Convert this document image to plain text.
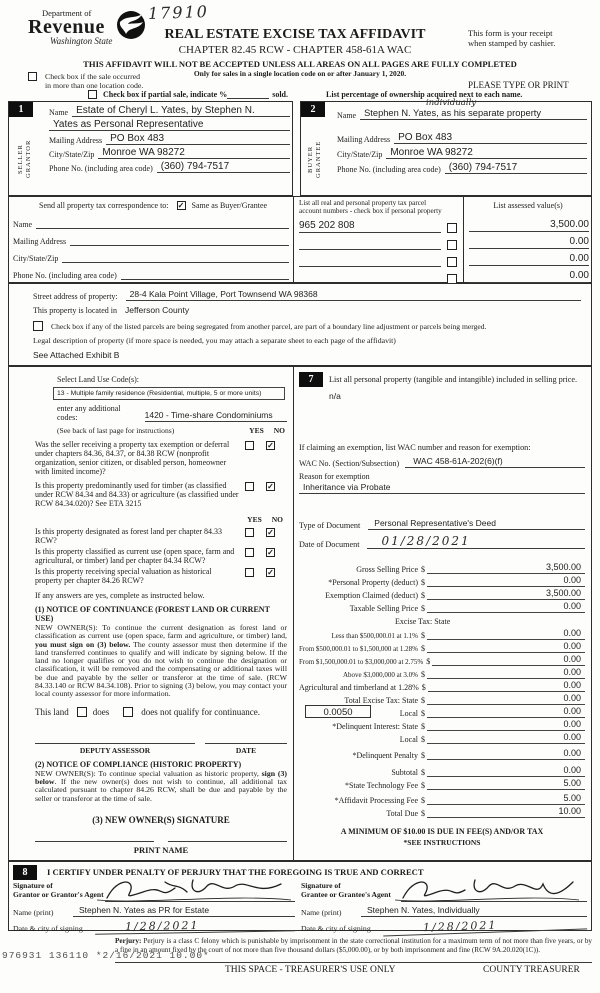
Department of
Revenue
Washington State
17910
REAL ESTATE EXCISE TAX AFFIDAVIT
CHAPTER 82.45 RCW - CHAPTER 458-61A WAC
This form is your receipt
when stamped by cashier.
THIS AFFIDAVIT WILL NOT BE ACCEPTED UNLESS ALL AREAS ON ALL PAGES ARE FULLY COMPLETED
Only for sales in a single location code on or after January 1, 2020.
Check box if the sale occurred
in more than one location code.	PLEASE TYPE OR PRINT
Check box if partial sale, indicate %	sold.	List percentage of ownership acquired next to each name.
1
SELLER GRANTOR
Name Estate of Cheryl L. Yates, by Stephen N.
Yates as Personal Representative
Mailing Address PO Box 483
City/State/Zip Monroe WA 98272
Phone No. (including area code) (360) 794-7517
2
BUYER GRANTEE
individually
Name Stephen N. Yates, as his separate property
Mailing Address PO Box 483
City/State/Zip Monroe WA 98272
Phone No. (including area code) (360) 794-7517
Send all property tax correspondence to: ✓ Same as Buyer/Grantee
Name
Mailing Address
City/State/Zip
Phone No. (including area code)
List all real and personal property tax parcel
account numbers - check box if personal property
965 202 808
List assessed value(s)
3,500.00
0.00
0.00
0.00
Street address of property:	28-4 Kala Point Village, Port Townsend WA 98368
This property is located in Jefferson County
Check box if any of the listed parcels are being segregated from another parcel, are part of a boundary line adjustment or parcels being merged.
Legal description of property (if more space is needed, you may attach a separate sheet to each page of the affidavit)
See Attached Exhibit B
Select Land Use Code(s):
13 - Multiple family residence (Residential, multiple, 5 or more units)
enter any additional codes:	1420 - Time-share Condominiums
(See back of last page for instructions)	YES NO
Was the seller receiving a property tax exemption or deferral under chapters 84.36, 84.37, or 84.38 RCW (nonprofit organization, senior citizen, or disabled person, homeowner with limited income)?
✓
Is this property predominantly used for timber (as classified under RCW 84.34 and 84.33) or agriculture (as classified under RCW 84.34.020)? See ETA 3215
✓
YES NO
Is this property designated as forest land per chapter 84.33 RCW?
✓
Is this property classified as current use (open space, farm and agricultural, or timber) land per chapter 84.34 RCW?
✓
Is this property receiving special valuation as historical property per chapter 84.26 RCW?
✓
If any answers are yes, complete as instructed below.
(1) NOTICE OF CONTINUANCE (FOREST LAND OR CURRENT USE)

NEW OWNER(S): To continue the current designation as forest land or classification as current use (open space, farm and agriculture, or timber) land, you must sign on (3) below. The county assessor must then determine if the land transferred continues to qualify and will indicate by signing below. If the land no longer qualifies or you do not wish to continue the designation or classification, it will be removed and the compensating or additional taxes will be due and payable by the seller or transferor at the time of sale. (RCW 84.33.140 or RCW 84.34.108). Prior to signing (3) below, you may contact your local county assessor for more information.

This land	does	does not qualify for continuance.
DEPUTY ASSESSOR	DATE
(2) NOTICE OF COMPLIANCE (HISTORIC PROPERTY)

NEW OWNER(S): To continue special valuation as historic property, sign (3) below. If the new owner(s) does not wish to continue, all additional tax calculated pursuant to chapter 84.26 RCW, shall be due and payable by the seller or transferor at the time of sale.

(3) NEW OWNER(S) SIGNATURE
PRINT NAME
7	List all personal property (tangible and intangible) included in selling price.
n/a
If claiming an exemption, list WAC number and reason for exemption:
WAC No. (Section/Subsection)	WAC 458-61A-202(6)(f)
Reason for exemption
Inheritance via Probate
Type of Document	Personal Representative's Deed
Date of Document	01/28/2021
Gross Selling Price $	3,500.00
*Personal Property (deduct) $	0.00
Exemption Claimed (deduct) $	3,500.00
Taxable Selling Price $	0.00
Excise Tax: State
Less than $500,000.01 at 1.1% $	0.00
From $500,000.01 to $1,500,000 at 1.28% $	0.00
From $1,500,000.01 to $3,000,000 at 2.75% $	0.00
Above $3,000,000 at 3.0% $	0.00
Agricultural and timberland at 1.28% $	0.00
Total Excise Tax: State $	0.00
0.0050	Local $	0.00
*Delinquent Interest: State $	0.00
Local $	0.00
*Delinquent Penalty $	0.00
Subtotal $	0.00
*State Technology Fee $	5.00
*Affidavit Processing Fee $	5.00
Total Due $	10.00
A MINIMUM OF $10.00 IS DUE IN FEE(S) AND/OR TAX
*SEE INSTRUCTIONS
8	I CERTIFY UNDER PENALTY OF PERJURY THAT THE FOREGOING IS TRUE AND CORRECT
Signature of
Grantor or Grantor's Agent
Name (print)	Stephen N. Yates as PR for Estate
Date & city of signing	1/28/2021
Signature of
Grantee or Grantee's Agent
Name (print)	Stephen N. Yates, Individually
Date & city of signing	1/28/2021

Perjury: Perjury is a class C felony which is punishable by imprisonment in the state correctional institution for a maximum term of not more than five years, or by a fine in an amount fixed by the court of not more than five thousand dollars ($5,000.00), or by both imprisonment and fine (RCW 9A.20.020(1C)).

976931 136110 *2/16/2021 10.00*
THIS SPACE - TREASURER'S USE ONLY	COUNTY TREASURER
